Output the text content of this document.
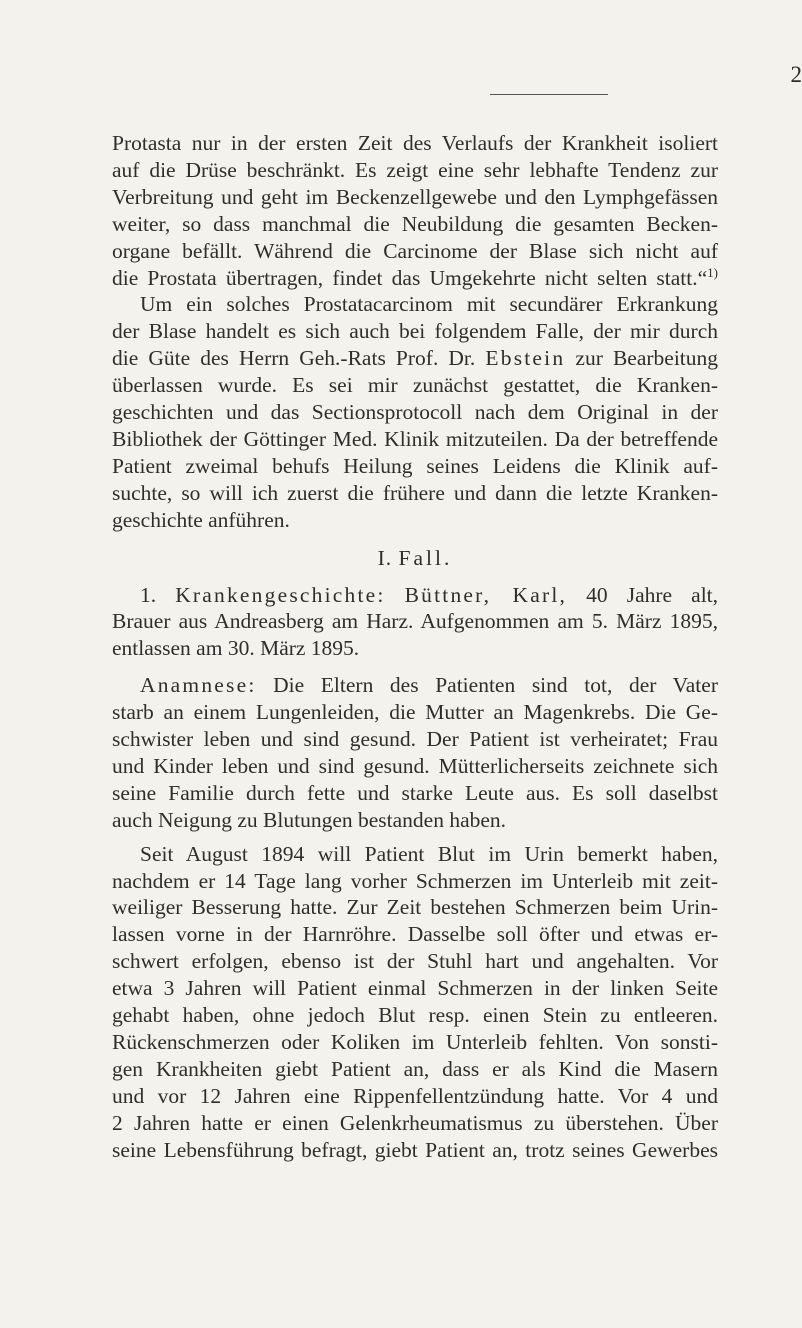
2

Protasta nur in der ersten Zeit des Verlaufs der Krankheit isoliert

auf die Drüse beschränkt. Es zeigt eine sehr lebhafte Tendenz zur

Verbreitung und geht im Beckenzellgewebe und den Lymphgefässen

weiter, so dass manchmal die Neubildung die gesamten Becken-

organe befällt. Während die Carcinome der Blase sich nicht auf

die Prostata übertragen, findet das Umgekehrte nicht selten statt.“$^{1)}$

Um ein solches Prostatacarcinom mit secundärer Erkrankung

der Blase handelt es sich auch bei folgendem Falle, der mir durch

die Güte des Herrn Geh.-Rats Prof. Dr. Ebstein zur Bearbeitung

überlassen wurde. Es sei mir zunächst gestattet, die Kranken-

geschichten und das Sectionsprotocoll nach dem Original in der

Bibliothek der Göttinger Med. Klinik mitzuteilen. Da der betreffende

Patient zweimal behufs Heilung seines Leidens die Klinik auf-

suchte, so will ich zuerst die frühere und dann die letzte Kranken-

geschichte anführen.

I. Fall.

1. Krankengeschichte: Büttner, Karl, 40 Jahre alt,

Brauer aus Andreasberg am Harz. Aufgenommen am 5. März 1895,

entlassen am 30. März 1895.

Anamnese: Die Eltern des Patienten sind tot, der Vater

starb an einem Lungenleiden, die Mutter an Magenkrebs. Die Ge-

schwister leben und sind gesund. Der Patient ist verheiratet; Frau

und Kinder leben und sind gesund. Mütterlicherseits zeichnete sich

seine Familie durch fette und starke Leute aus. Es soll daselbst

auch Neigung zu Blutungen bestanden haben.

Seit August 1894 will Patient Blut im Urin bemerkt haben,

nachdem er 14 Tage lang vorher Schmerzen im Unterleib mit zeit-

weiliger Besserung hatte. Zur Zeit bestehen Schmerzen beim Urin-

lassen vorne in der Harnröhre. Dasselbe soll öfter und etwas er-

schwert erfolgen, ebenso ist der Stuhl hart und angehalten. Vor

etwa 3 Jahren will Patient einmal Schmerzen in der linken Seite

gehabt haben, ohne jedoch Blut resp. einen Stein zu entleeren.

Rückenschmerzen oder Koliken im Unterleib fehlten. Von sonsti-

gen Krankheiten giebt Patient an, dass er als Kind die Masern

und vor 12 Jahren eine Rippenfellentzündung hatte. Vor 4 und

2 Jahren hatte er einen Gelenkrheumatismus zu überstehen. Über

seine Lebensführung befragt, giebt Patient an, trotz seines Gewerbes
